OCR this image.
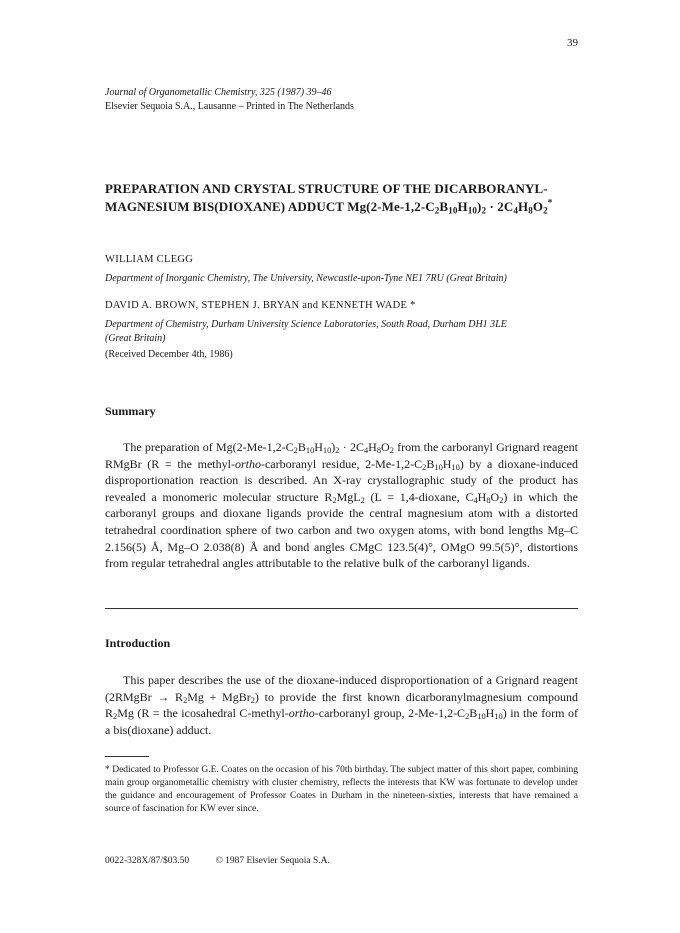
39
Journal of Organometallic Chemistry, 325 (1987) 39–46
Elsevier Sequoia S.A., Lausanne – Printed in The Netherlands
PREPARATION AND CRYSTAL STRUCTURE OF THE DICARBORANYL-
MAGNESIUM BIS(DIOXANE) ADDUCT $Mg(2-Me-1,2-C_2B_{10}H_{10})_2 \cdot 2C_4H_8O_2^*$
WILLIAM CLEGG
Department of Inorganic Chemistry, The University, Newcastle-upon-Tyne NE1 7RU (Great Britain)
DAVID A. BROWN, STEPHEN J. BRYAN and KENNETH WADE *
Department of Chemistry, Durham University Science Laboratories, South Road, Durham DH1 3LE
(Great Britain)
(Received December 4th, 1986)
Summary
The preparation of $Mg(2-Me-1,2-C_2B_{10}H_{10})_2 \cdot 2C_4H_8O_2$ from the carboranyl Grignard reagent RMgBr (R = the methyl-ortho-carboranyl residue, $2-Me-1,2-C_2B_{10}H_{10}$) by a dioxane-induced disproportionation reaction is described. An X-ray crystallographic study of the product has revealed a monomeric molecular structure $R_2MgL_2$ (L = 1,4-dioxane, $C_4H_8O_2$) in which the carboranyl groups and dioxane ligands provide the central magnesium atom with a distorted tetrahedral coordination sphere of two carbon and two oxygen atoms, with bond lengths Mg–C 2.156(5) Å, Mg–O 2.038(8) Å and bond angles CMgC 123.5(4)°, OMgO 99.5(5)°, distortions from regular tetrahedral angles attributable to the relative bulk of the carboranyl ligands.
Introduction
This paper describes the use of the dioxane-induced disproportionation of a Grignard reagent (2RMgBr → $R_2Mg$ + MgBr$_2$) to provide the first known dicarboranylmagnesium compound $R_2Mg$ (R = the icosahedral C-methyl-ortho-carboranyl group, $2-Me-1,2-C_2B_{10}H_{10}$) in the form of a bis(dioxane) adduct.
* Dedicated to Professor G.E. Coates on the occasion of his 70th birthday. The subject matter of this short paper, combining main group organometallic chemistry with cluster chemistry, reflects the interests that KW was fortunate to develop under the guidance and encouragement of Professor Coates in Durham in the nineteen-sixties, interests that have remained a source of fascination for KW ever since.
0022-328X/87/$03.50	© 1987 Elsevier Sequoia S.A.
